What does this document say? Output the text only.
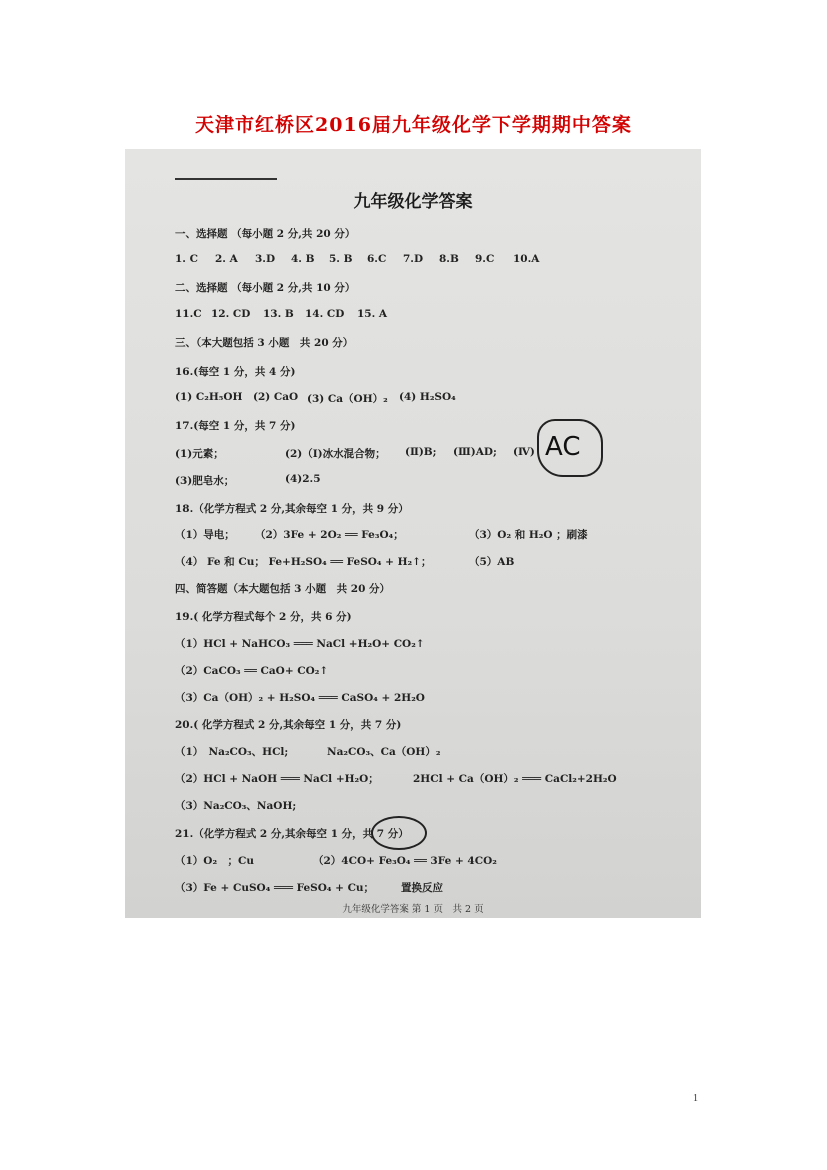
天津市红桥区2016届九年级化学下学期期中答案
九年级化学答案
一、选择题 （每小题 2 分,共 20 分）
1. C 2. A 3.D 4. B 5. B 6.C 7.D 8.B 9.C 10.A
二、选择题 （每小题 2 分,共 10 分）
11.C 12. CD 13. B 14. CD 15. A
三、（本大题包括 3 小题　共 20 分）
16.(每空 1 分，共 4 分)
(1) C₂H₅OH (2) CaO (3) Ca（OH）₂ (4) H₂SO₄
17.(每空 1 分，共 7 分)
(1)元素；	(2)（Ⅰ)冰水混合物； (Ⅱ)B; (Ⅲ)AD; (Ⅳ) AC
(3)肥皂水；	(4)2.5
18.（化学方程式 2 分,其余每空 1 分，共 9 分）
（1）导电； （2）3Fe + 2O₂ ══ Fe₃O₄；	（3）O₂ 和 H₂O ；刷漆
（4） Fe 和 Cu； Fe+H₂SO₄ ══ FeSO₄ + H₂↑；	（5）AB
四、简答题（本大题包括 3 小题　共 20 分）
19.( 化学方程式每个 2 分，共 6 分)
（1）HCl + NaHCO₃ ═══ NaCl +H₂O+ CO₂↑
（2）CaCO₃ ══ CaO+ CO₂↑
（3）Ca（OH）₂ + H₂SO₄ ═══ CaSO₄ + 2H₂O
20.( 化学方程式 2 分,其余每空 1 分，共 7 分)
（1）　Na₂CO₃、HCl;	Na₂CO₃、Ca（OH）₂
（2）HCl + NaOH ═══ NaCl +H₂O；	2HCl + Ca（OH）₂ ═══ CaCl₂+2H₂O
（3）Na₂CO₃、NaOH;
21.（化学方程式 2 分,其余每空 1 分，共 7 分）
（1）O₂　；Cu	（2）4CO+ Fe₃O₄ ══ 3Fe + 4CO₂
（3）Fe + CuSO₄ ═══ FeSO₄ + Cu；	置换反应
九年级化学答案 第 1 页　共 2 页
1
